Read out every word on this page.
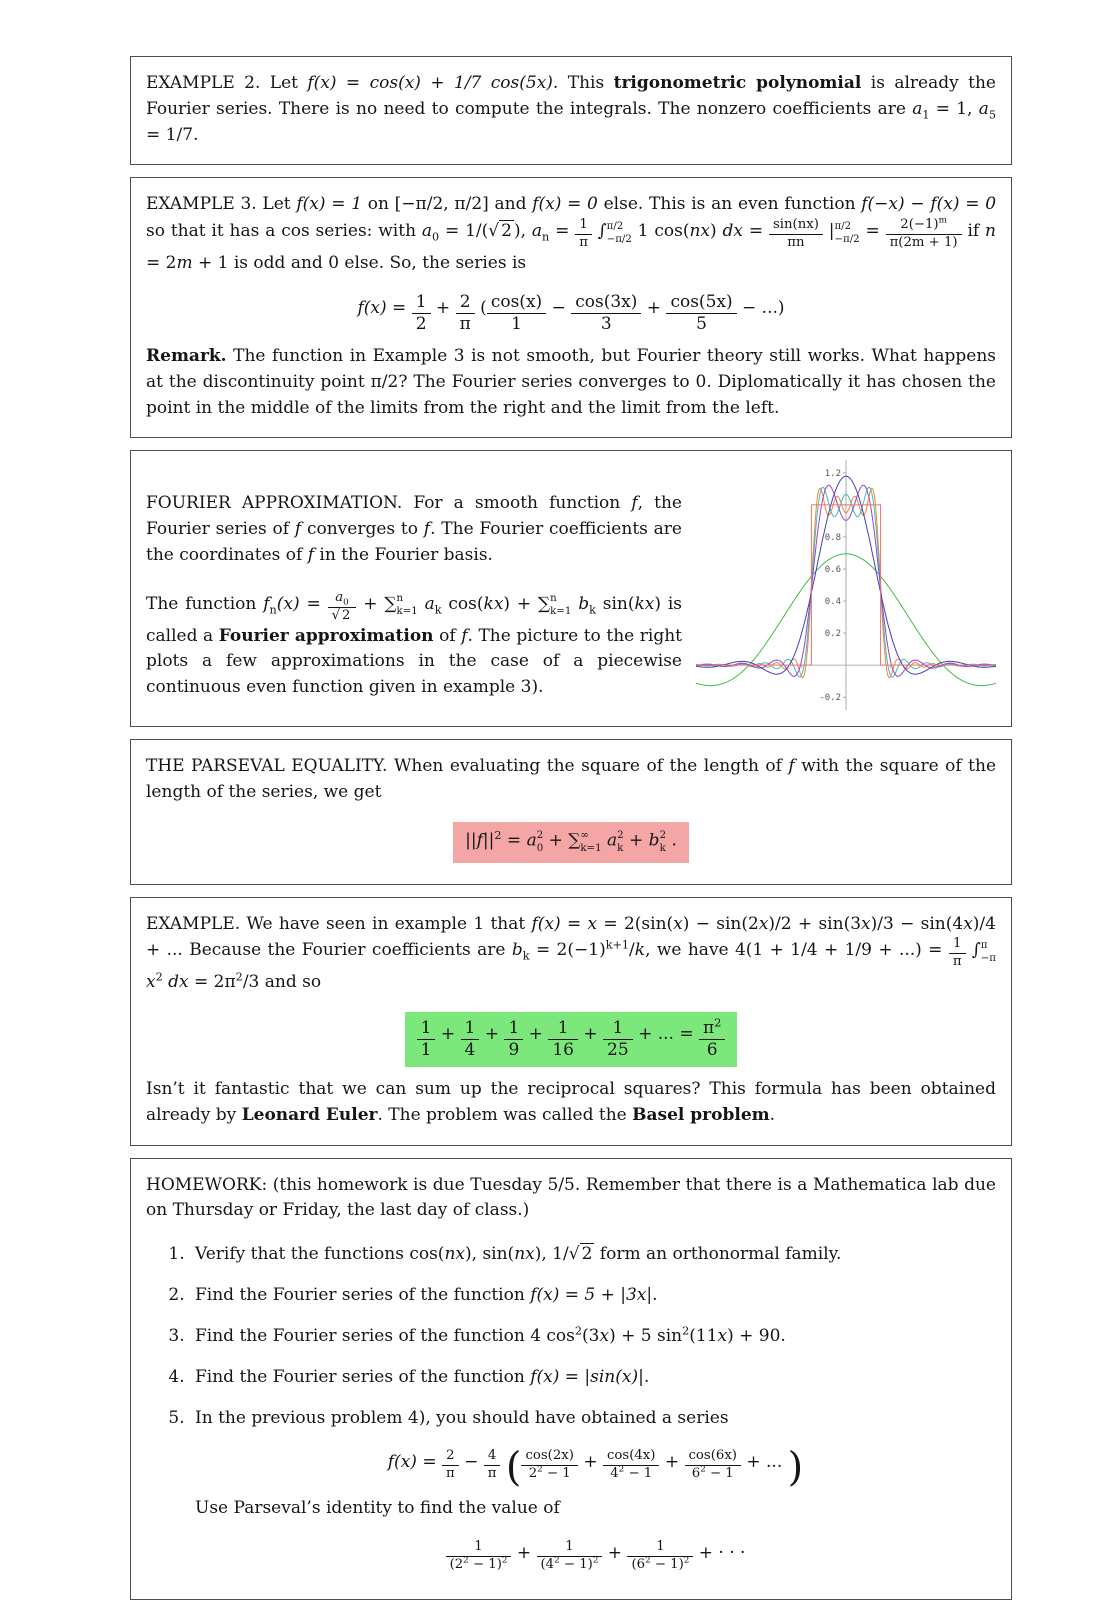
EXAMPLE 2. Let f(x) = cos(x) + 1/7 cos(5x). This trigonometric polynomial is already the Fourier series. There is no need to compute the integrals. The nonzero coefficients are $a_1 = 1$, $a_5 = 1/7$.

EXAMPLE 3. Let f(x) = 1 on [−π/2, π/2] and f(x) = 0 else. This is an even function f(−x) − f(x) = 0 so that it has a cos series: with $a_0 = 1/(√$ 2 ), $a_n = \frac{1}{\pi}$ ∫ π/2
−π/2 1 cos(nx) dx = $\frac{\sin(nx)}{\pi n}$ | π/2
$-\pi/2 = \frac{2(-1)^m}{\pi(2m + 1)}$ if n = 2m + 1 is odd and 0 else. So, the series is

$f(x) = \frac{1}{2} + \frac{2}{\pi}$ ( $\frac{\cos(x)}{1} - \frac{\cos(3x)}{3} + \frac{\cos(5x)}{5}$ − ...)

Remark. The function in Example 3 is not smooth, but Fourier theory still works. What happens at the discontinuity point π/2? The Fourier series converges to 0. Diplomatically it has chosen the point in the middle of the limits from the right and the limit from the left.

FOURIER APPROXIMATION. For a smooth function f, the Fourier series of f converges to f. The Fourier coefficients are the coordinates of f in the Fourier basis.

The function $f_n(x) = \frac{a_0}{√ 2}$ + ∑ n
k=1 $a_k$ cos(kx) + ∑ n
k=1 $b_k$ sin(kx) is called a Fourier approximation of f. The picture to the right plots a few approximations in the case of a piecewise continuous even function given in example 3).

1.2
0.8
0.6
0.4
0.2
-0.2

THE PARSEVAL EQUALITY. When evaluating the square of the length of f with the square of the length of the series, we get

$||f||^2 = a$ 2
0 + ∑ ∞
k=1 a 2
k + b 2
k .

EXAMPLE. We have seen in example 1 that f(x) = x = 2(sin(x) − sin(2x)/2 + sin(3x)/3 − sin(4x)/4 + ... Because the Fourier coefficients are $b_k = 2(-1)^{k+1}/k$, we have 4(1 + 1/4 + 1/9 + ...) = $\frac{1}{\pi}$ ∫ π
−π
$x^2$ dx = $2\pi^2/3$ and so

$\frac{1}{1} + \frac{1}{4} + \frac{1}{9} + \frac{1}{16} + \frac{1}{25}$ + ... = $\frac{\pi^2}{6}$

Isn’t it fantastic that we can sum up the reciprocal squares? This formula has been obtained already by Leonard Euler. The problem was called the Basel problem.

HOMEWORK: (this homework is due Tuesday 5/5. Remember that there is a Mathematica lab due on Thursday or Friday, the last day of class.)

1. Verify that the functions cos(nx), sin(nx), 1/√ 2 form an orthonormal family.
2. Find the Fourier series of the function f(x) = 5 + |3x|.
3. Find the Fourier series of the function 4 $\cos^2(3x) + 5$ $\sin^2(11x) + 90$.
4. Find the Fourier series of the function f(x) = |sin(x)|.
5. In the previous problem 4), you should have obtained a series
$f(x) = \frac{2}{\pi} - \frac{4}{\pi}$ ( $\frac{\cos(2x)}{2^2 - 1} + \frac{\cos(4x)}{4^2 - 1} + \frac{\cos(6x)}{6^2 - 1}$ + ... )

Use Parseval’s identity to find the value of

$\frac{1}{(2^2 - 1)^2} + \frac{1}{(4^2 - 1)^2} + \frac{1}{(6^2 - 1)^2}$ + · · ·
